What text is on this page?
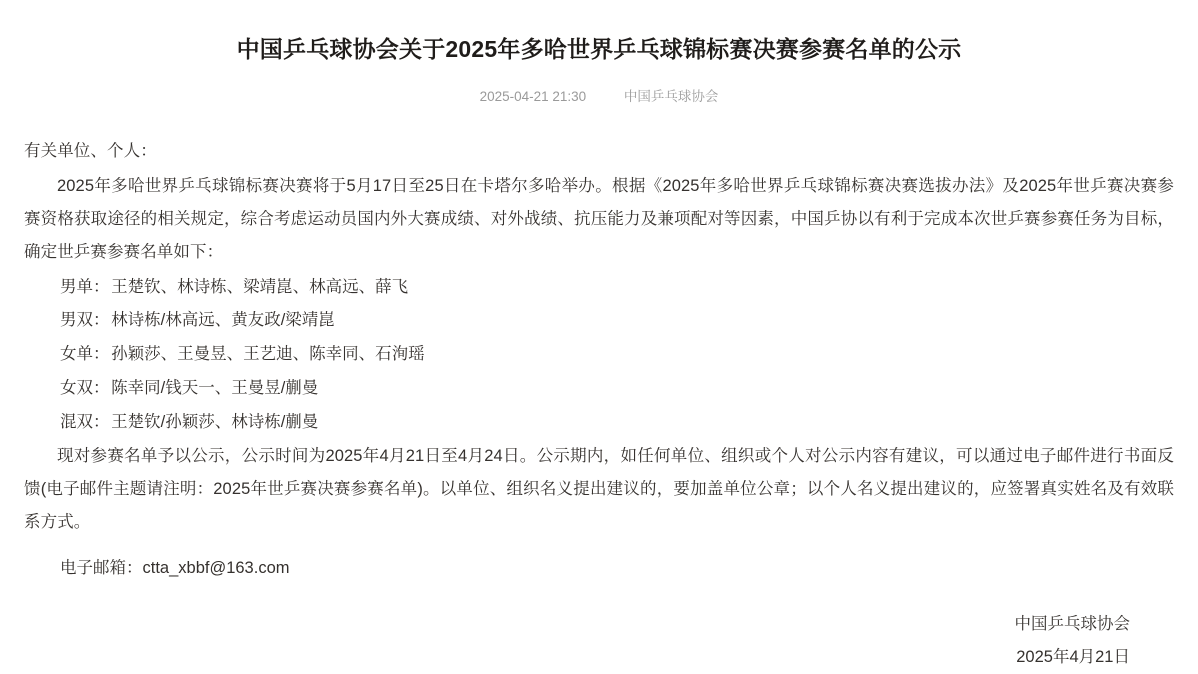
中国乒乓球协会关于2025年多哈世界乒乓球锦标赛决赛参赛名单的公示
2025-04-21 21:30	中国乒乓球协会

有关单位、个人：

2025年多哈世界乒乓球锦标赛决赛将于5月17日至25日在卡塔尔多哈举办。根据《2025年多哈世界乒乓球锦标赛决赛选拔办法》及2025年世乒赛决赛参赛资格获取途径的相关规定，综合考虑运动员国内外大赛成绩、对外战绩、抗压能力及兼项配对等因素，中国乒协以有利于完成本次世乒赛参赛任务为目标，确定世乒赛参赛名单如下：

男单：王楚钦、林诗栋、梁靖崑、林高远、薛飞
男双：林诗栋/林高远、黄友政/梁靖崑
女单：孙颖莎、王曼昱、王艺迪、陈幸同、石洵瑶
女双：陈幸同/钱天一、王曼昱/蒯曼
混双：王楚钦/孙颖莎、林诗栋/蒯曼

现对参赛名单予以公示，公示时间为2025年4月21日至4月24日。公示期内，如任何单位、组织或个人对公示内容有建议，可以通过电子邮件进行书面反馈(电子邮件主题请注明：2025年世乒赛决赛参赛名单)。以单位、组织名义提出建议的，要加盖单位公章；以个人名义提出建议的，应签署真实姓名及有效联系方式。

电子邮箱：ctta_xbbf@163.com

中国乒乓球协会
2025年4月21日
